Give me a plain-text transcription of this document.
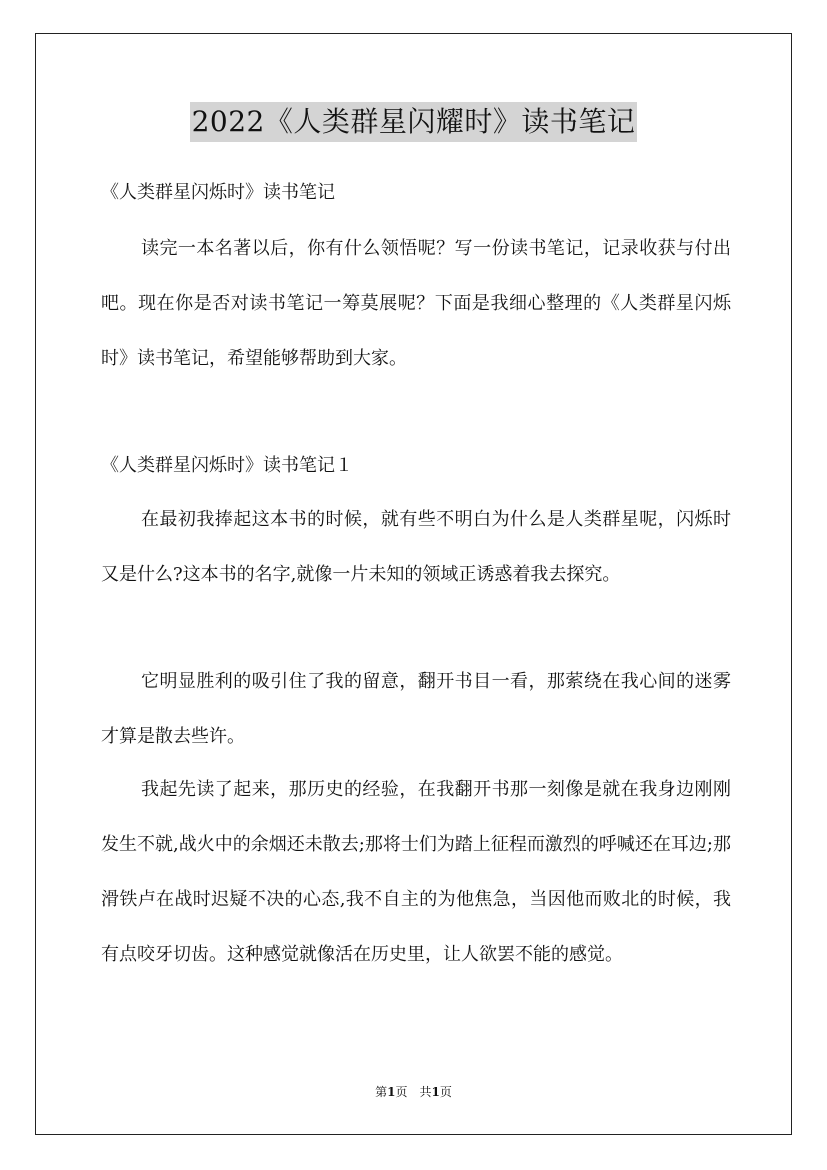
2022《人类群星闪耀时》读书笔记
《人类群星闪烁时》读书笔记

读完一本名著以后，你有什么领悟呢？写一份读书笔记，记录收获与付出吧。现在你是否对读书笔记一筹莫展呢？下面是我细心整理的《人类群星闪烁时》读书笔记，希望能够帮助到大家。

《人类群星闪烁时》读书笔记１

在最初我捧起这本书的时候，就有些不明白为什么是人类群星呢，闪烁时又是什么?这本书的名字,就像一片未知的领域正诱惑着我去探究。

它明显胜利的吸引住了我的留意，翻开书目一看，那萦绕在我心间的迷雾才算是散去些许。

我起先读了起来，那历史的经验，在我翻开书那一刻像是就在我身边刚刚发生不就,战火中的余烟还未散去;那将士们为踏上征程而激烈的呼喊还在耳边;那滑铁卢在战时迟疑不决的心态,我不自主的为他焦急，当因他而败北的时候，我有点咬牙切齿。这种感觉就像活在历史里，让人欲罢不能的感觉。

第1页 共1页
